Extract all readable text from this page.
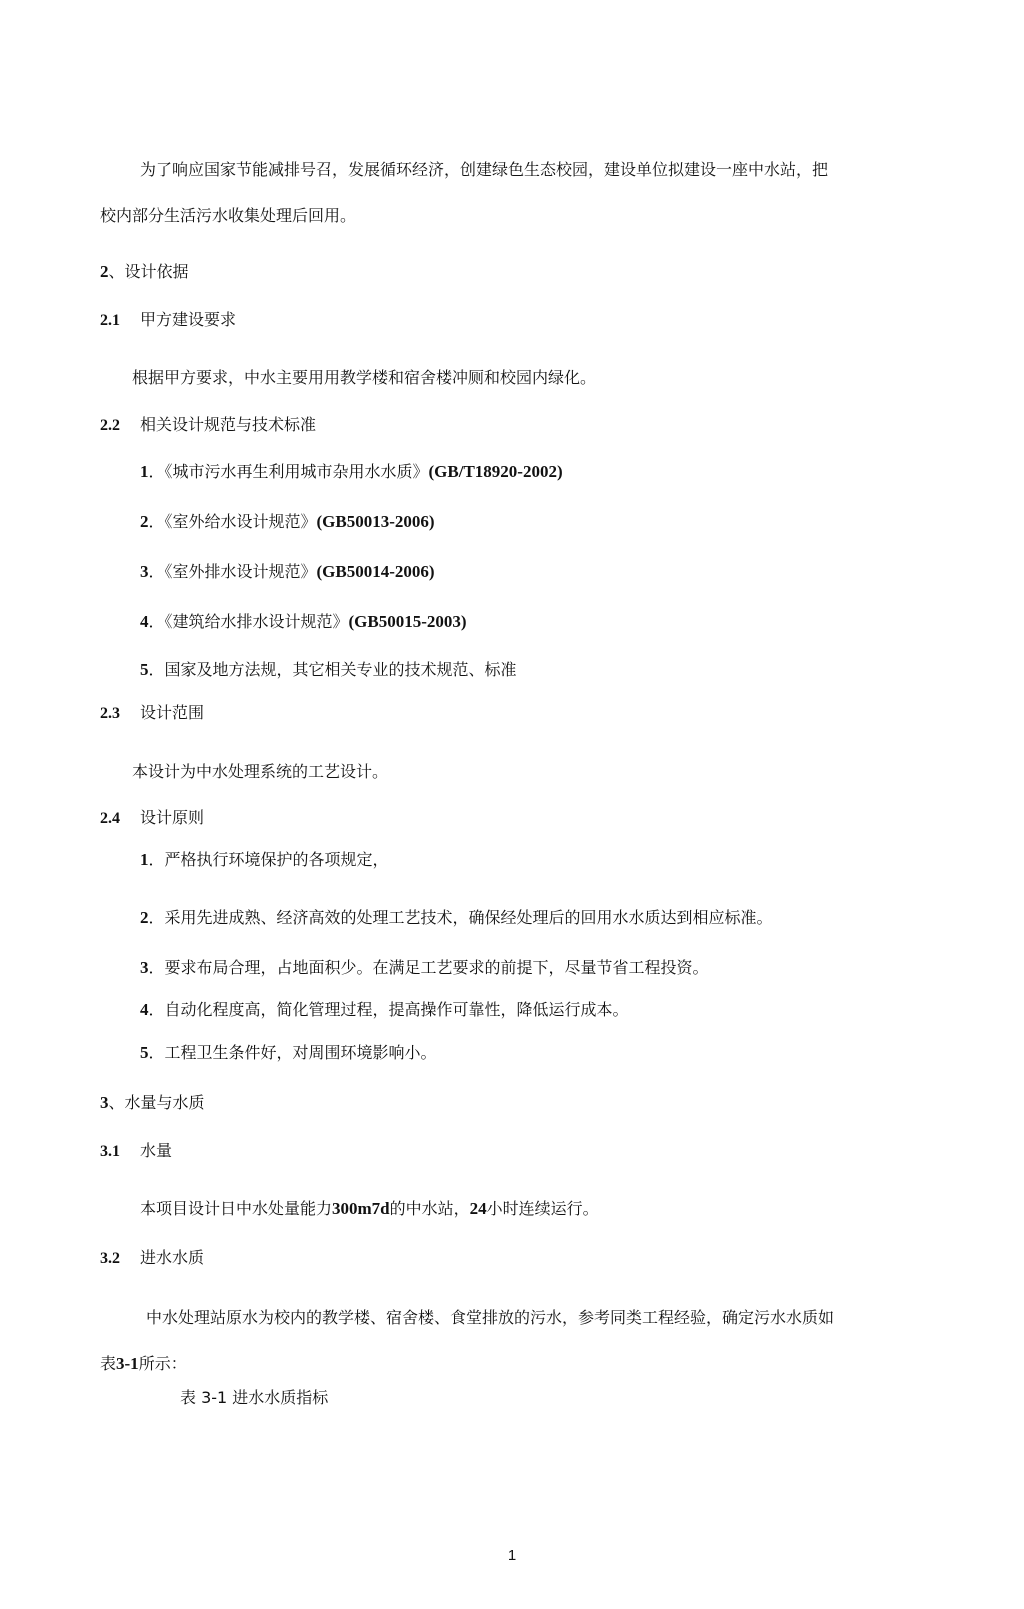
为了响应国家节能减排号召，发展循环经济，创建绿色生态校园，建设单位拟建设一座中水站，把
校内部分生活污水收集处理后回用。
2、设计依据
2.1 甲方建设要求
根据甲方要求，中水主要用用教学楼和宿舍楼冲厕和校园内绿化。
2.2 相关设计规范与技术标准
1．《城市污水再生利用城市杂用水水质》(GB/T18920-2002)
2．《室外给水设计规范》(GB50013-2006)
3．《室外排水设计规范》(GB50014-2006)
4．《建筑给水排水设计规范》(GB50015-2003)
5．国家及地方法规，其它相关专业的技术规范、标准
2.3 设计范围
本设计为中水处理系统的工艺设计。
2.4 设计原则
1．严格执行环境保护的各项规定，
2．采用先进成熟、经济高效的处理工艺技术，确保经处理后的回用水水质达到相应标准。
3．要求布局合理，占地面积少。在满足工艺要求的前提下，尽量节省工程投资。
4．自动化程度高，简化管理过程，提高操作可靠性，降低运行成本。
5．工程卫生条件好，对周围环境影响小。
3、水量与水质
3.1 水量
本项目设计日中水处量能力300m7d的中水站，24小时连续运行。
3.2 进水水质
中水处理站原水为校内的教学楼、宿舍楼、食堂排放的污水，参考同类工程经验，确定污水水质如
表3-1所示：
表 3-1 进水水质指标
1
